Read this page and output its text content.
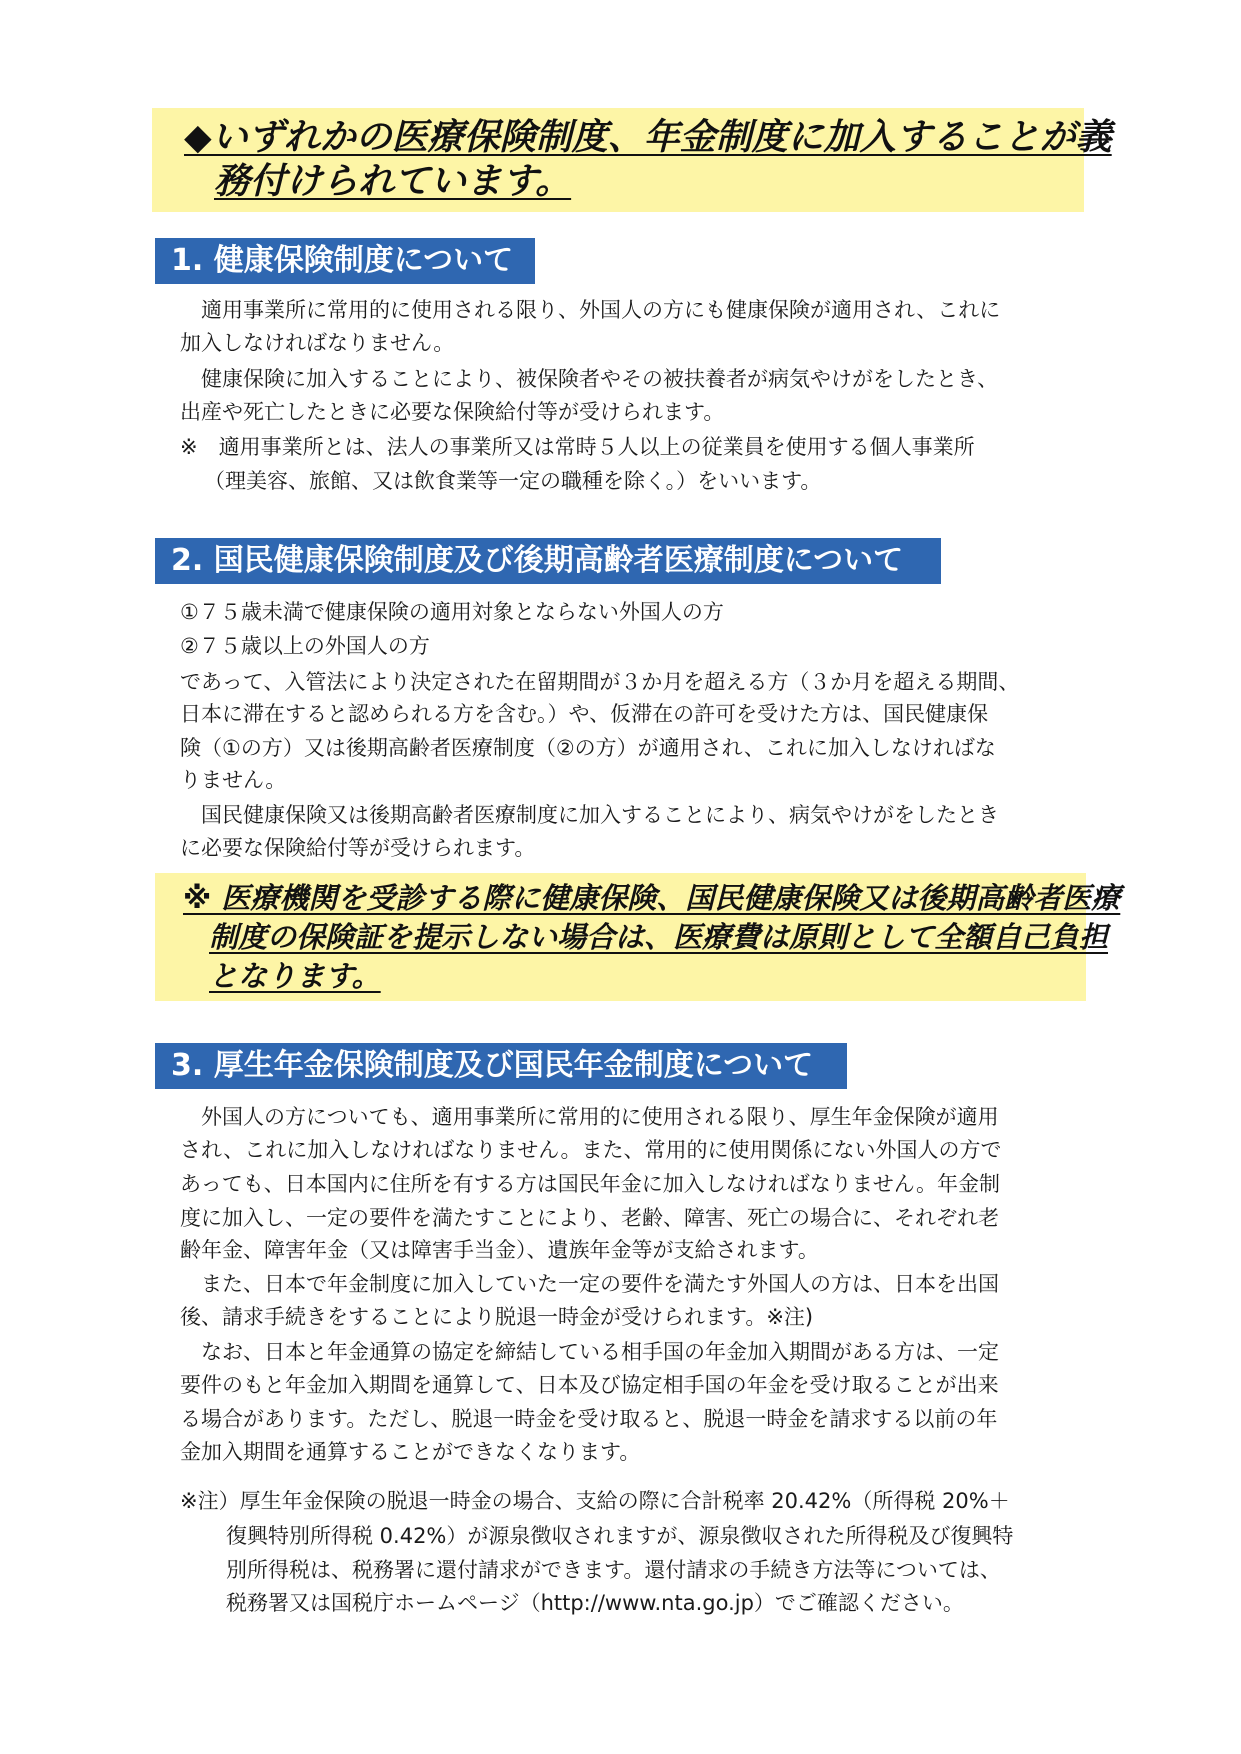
◆いずれかの医療保険制度、年金制度に加入することが義
務付けられています。
1. 健康保険制度について
　適用事業所に常用的に使用される限り、外国人の方にも健康保険が適用され、これに
加入しなければなりません。
　健康保険に加入することにより、被保険者やその被扶養者が病気やけがをしたとき、
出産や死亡したときに必要な保険給付等が受けられます。
※　適用事業所とは、法人の事業所又は常時５人以上の従業員を使用する個人事業所
（理美容、旅館、又は飲食業等一定の職種を除く。）をいいます。
2. 国民健康保険制度及び後期高齢者医療制度について
①７５歳未満で健康保険の適用対象とならない外国人の方
②７５歳以上の外国人の方
であって、入管法により決定された在留期間が３か月を超える方（３か月を超える期間、
日本に滞在すると認められる方を含む。）や、仮滞在の許可を受けた方は、国民健康保
険（①の方）又は後期高齢者医療制度（②の方）が適用され、これに加入しなければな
りません。
　国民健康保険又は後期高齢者医療制度に加入することにより、病気やけがをしたとき
に必要な保険給付等が受けられます。
※ 医療機関を受診する際に健康保険、国民健康保険又は後期高齢者医療
制度の保険証を提示しない場合は、医療費は原則として全額自己負担
となります。
3. 厚生年金保険制度及び国民年金制度について
　外国人の方についても、適用事業所に常用的に使用される限り、厚生年金保険が適用
され、これに加入しなければなりません。また、常用的に使用関係にない外国人の方で
あっても、日本国内に住所を有する方は国民年金に加入しなければなりません。年金制
度に加入し、一定の要件を満たすことにより、老齢、障害、死亡の場合に、それぞれ老
齢年金、障害年金（又は障害手当金）、遺族年金等が支給されます。
　また、日本で年金制度に加入していた一定の要件を満たす外国人の方は、日本を出国
後、請求手続きをすることにより脱退一時金が受けられます。※注)
　なお、日本と年金通算の協定を締結している相手国の年金加入期間がある方は、一定
要件のもと年金加入期間を通算して、日本及び協定相手国の年金を受け取ることが出来
る場合があります。ただし、脱退一時金を受け取ると、脱退一時金を請求する以前の年
金加入期間を通算することができなくなります。
※注）厚生年金保険の脱退一時金の場合、支給の際に合計税率 20.42%（所得税 20%＋
復興特別所得税 0.42%）が源泉徴収されますが、源泉徴収された所得税及び復興特
別所得税は、税務署に還付請求ができます。還付請求の手続き方法等については、
税務署又は国税庁ホームページ（http://www.nta.go.jp）でご確認ください。
